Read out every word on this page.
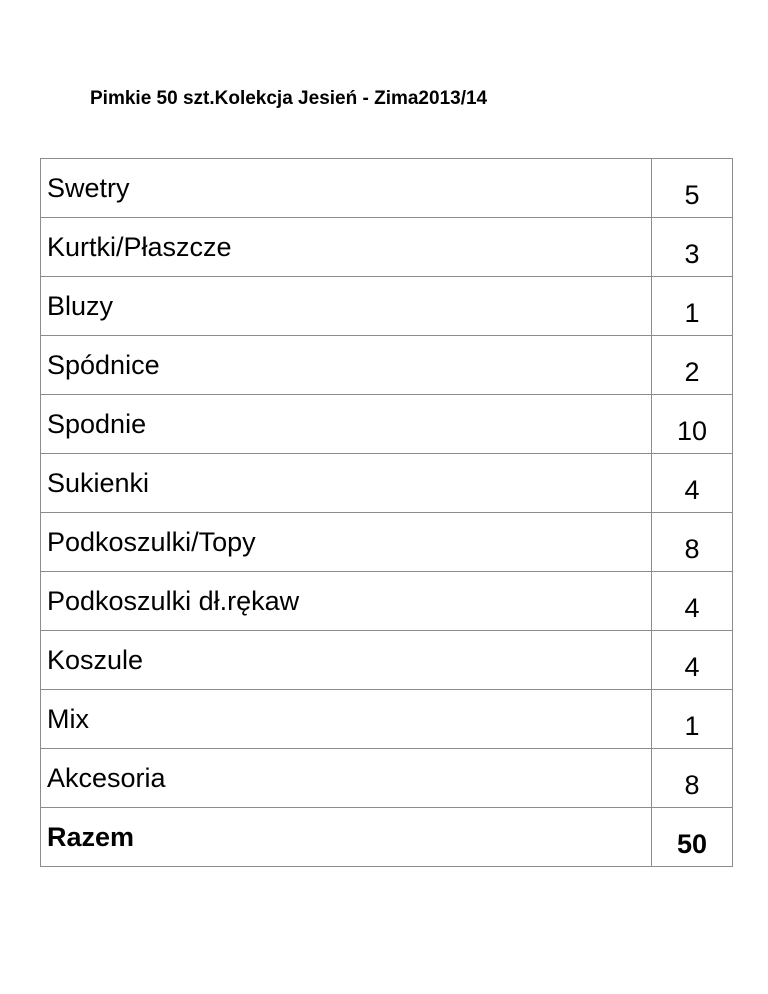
Pimkie 50 szt.Kolekcja Jesień - Zima2013/14
Swetry	5
Kurtki/Płaszcze	3
Bluzy	1
Spódnice	2
Spodnie	10
Sukienki	4
Podkoszulki/Topy	8
Podkoszulki dł.rękaw	4
Koszule	4
Mix	1
Akcesoria	8
Razem	50
